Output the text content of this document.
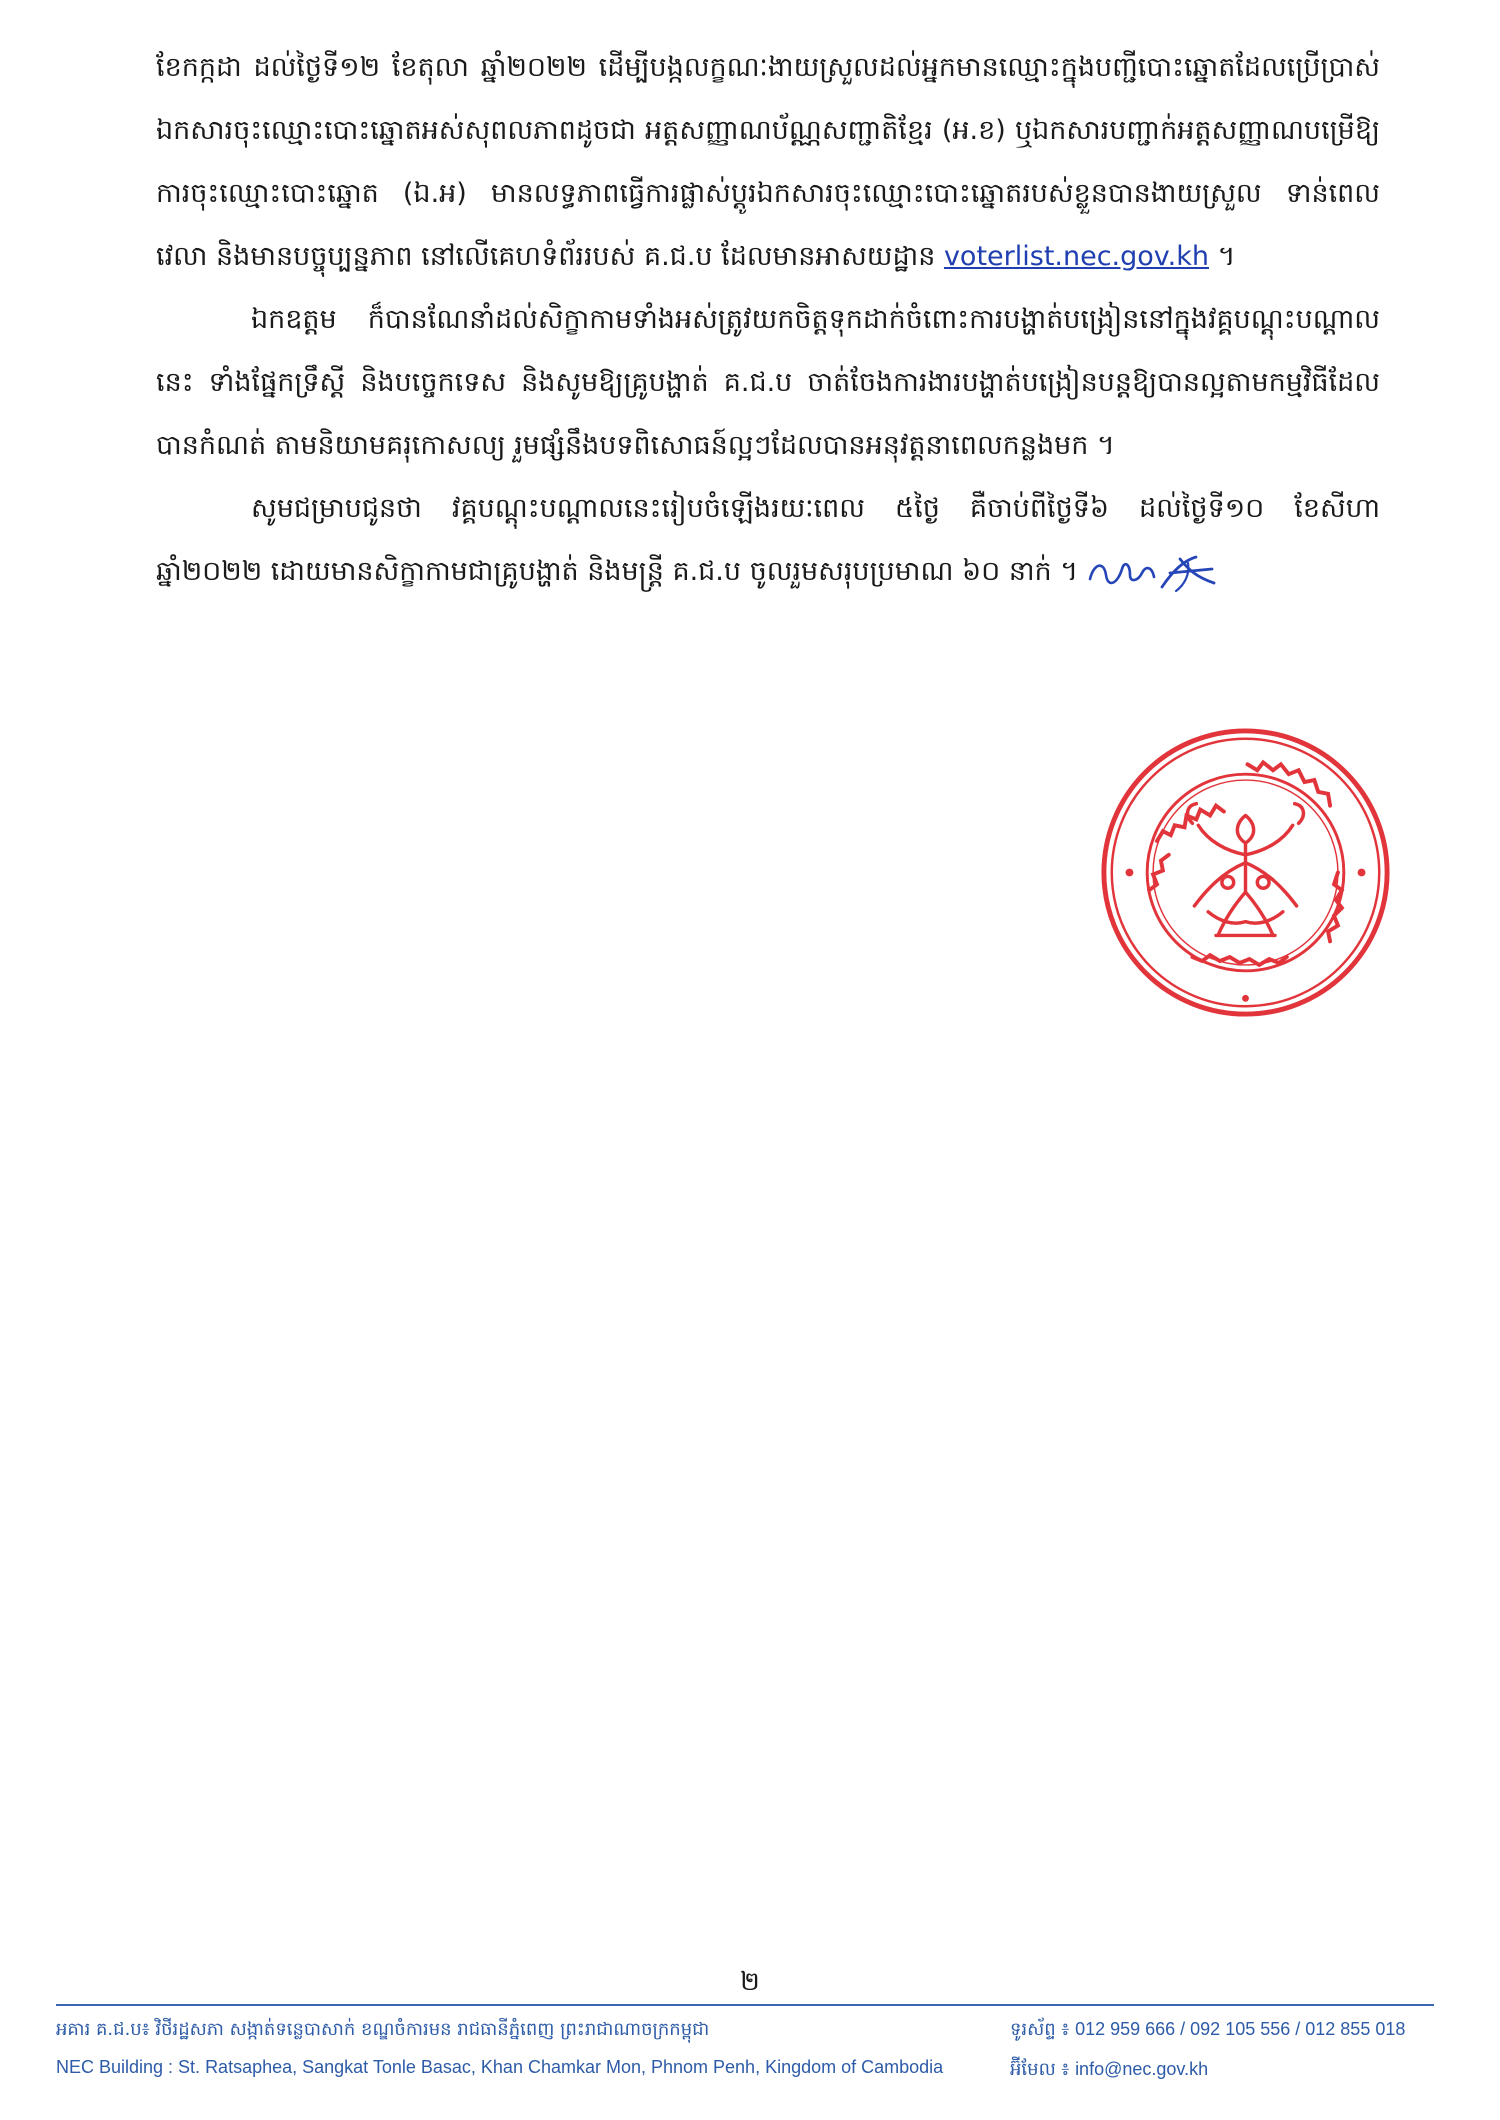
ខែកក្កដា ដល់ថ្ងៃទី១២ ខែតុលា ឆ្នាំ២០២២ ដើម្បីបង្កលក្ខណៈងាយស្រួលដល់អ្នកមានឈ្មោះក្នុងបញ្ជីបោះឆ្នោតដែលប្រើប្រាស់ឯកសារចុះឈ្មោះបោះឆ្នោតអស់សុពលភាពដូចជា អត្តសញ្ញាណប័ណ្ណសញ្ជាតិខ្មែរ (អ.ខ) ឬឯកសារបញ្ជាក់អត្តសញ្ញាណបម្រើឱ្យការចុះឈ្មោះបោះឆ្នោត (ឯ.អ) មានលទ្ធភាពធ្វើការផ្លាស់ប្តូរឯកសារចុះឈ្មោះបោះឆ្នោតរបស់ខ្លួនបានងាយស្រួល ទាន់ពេលវេលា និងមានបច្ចុប្បន្នភាព នៅលើគេហទំព័ររបស់ គ.ជ.ប ដែលមានអាសយដ្ឋាន voterlist.nec.gov.kh ។

ឯកឧត្តម ក៏បានណែនាំដល់សិក្ខាកាមទាំងអស់ត្រូវយកចិត្តទុកដាក់ចំពោះការបង្ហាត់បង្រៀននៅក្នុងវគ្គបណ្តុះបណ្តាលនេះ ទាំងផ្នែកទ្រឹស្តី និងបច្ចេកទេស និងសូមឱ្យគ្រូបង្ហាត់ គ.ជ.ប ចាត់ចែងការងារបង្ហាត់បង្រៀនបន្តឱ្យបានល្អតាមកម្មវិធីដែលបានកំណត់ តាមនិយាមគរុកោសល្យ រួមផ្សំនឹងបទពិសោធន៍ល្អៗដែលបានអនុវត្តនាពេលកន្លងមក ។

សូមជម្រាបជូនថា វគ្គបណ្តុះបណ្តាលនេះរៀបចំឡើងរយៈពេល ៥ថ្ងៃ គឺចាប់ពីថ្ងៃទី៦ ដល់ថ្ងៃទី១០ ខែសីហា ឆ្នាំ២០២២ ដោយមានសិក្ខាកាមជាគ្រូបង្ហាត់ និងមន្ត្រី គ.ជ.ប ចូលរួមសរុបប្រមាណ ៦០ នាក់ ។

២
អគារ គ.ជ.ប៖ វិថីរដ្ឋសភា សង្កាត់ទន្លេបាសាក់ ខណ្ឌចំការមន រាជធានីភ្នំពេញ ព្រះរាជាណាចក្រកម្ពុជា
NEC Building : St. Ratsaphea, Sangkat Tonle Basac, Khan Chamkar Mon, Phnom Penh, Kingdom of Cambodia
ទូរស័ព្ទ ៖ 012 959 666 / 092 105 556 / 012 855 018
អ៊ីមែល ៖ info@nec.gov.kh
